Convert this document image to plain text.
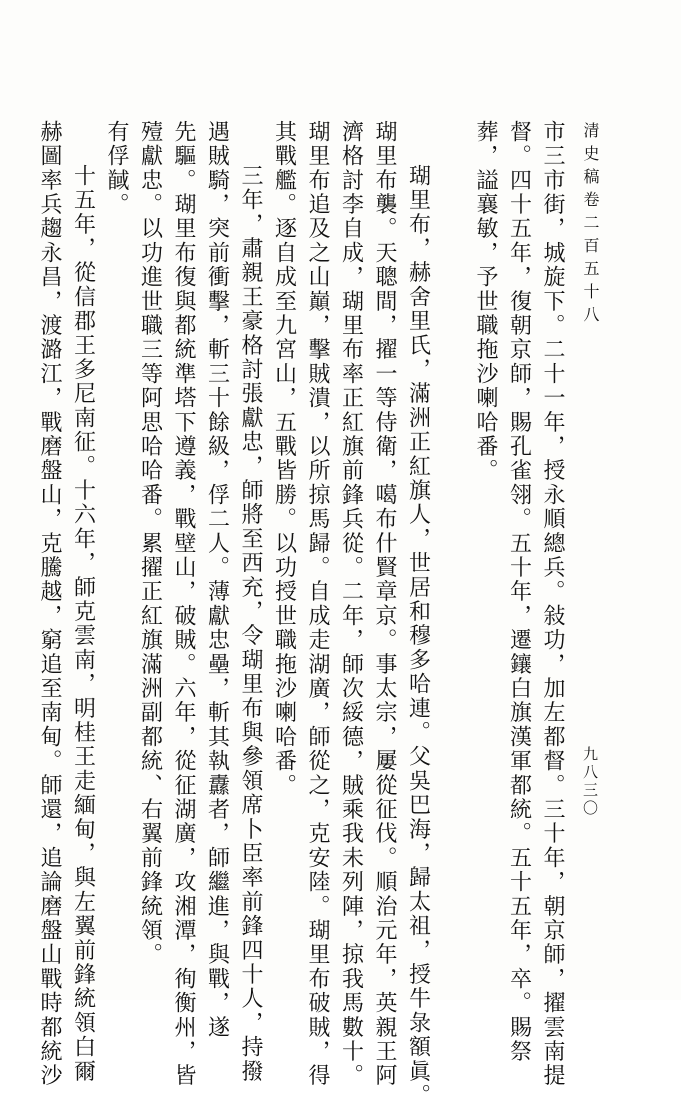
清史稿卷二百五十八
九八三〇
市三市街，城旋下。二十一年，授永順總兵。敍功，加左都督。三十年，朝京師，擢雲南提
督。四十五年，復朝京師，賜孔雀翎。五十年，遷鑲白旗漢軍都統。五十五年，卒。賜祭
葬，謚襄敏，予世職拖沙喇哈番。
瑚里布，赫舍里氏，滿洲正紅旗人，世居和穆多哈連。父吳巴海，歸太祖，授牛彔額眞。
瑚里布襲。天聰間，擢一等侍衛，噶布什賢章京。事太宗，屢從征伐。順治元年，英親王阿
濟格討李自成，瑚里布率正紅旗前鋒兵從。二年，師次綏德，賊乘我未列陣，掠我馬數十。
瑚里布追及之山巔，擊賊潰，以所掠馬歸。自成走湖廣，師從之，克安陸。瑚里布破賊，得
其戰艦。逐自成至九宮山，五戰皆勝。以功授世職拖沙喇哈番。
三年，肅親王豪格討張獻忠，師將至西充，令瑚里布與參領席卜臣率前鋒四十人，持撥
遇賊騎，突前衝擊，斬三十餘級，俘二人。薄獻忠壘，斬其執纛者，師繼進，與戰，遂
先驅。瑚里布復與都統準塔下遵義，戰壁山，破賊。六年，從征湖廣，攻湘潭，徇衡州，皆
殪獻忠。以功進世職三等阿思哈哈番。累擢正紅旗滿洲副都統、右翼前鋒統領。
有俘馘。
十五年，從信郡王多尼南征。十六年，師克雲南，明桂王走緬甸，與左翼前鋒統領白爾
赫圖率兵趨永昌，渡潞江，戰磨盤山，克騰越，窮追至南甸。師還，追論磨盤山戰時都統沙
